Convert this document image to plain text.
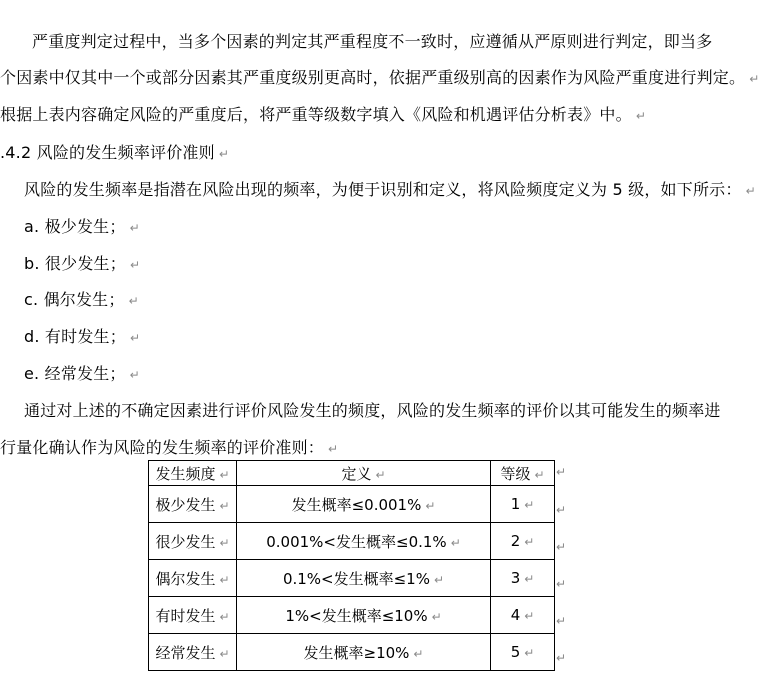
严重度判定过程中，当多个因素的判定其严重程度不一致时，应遵循从严原则进行判定，即当多
个因素中仅其中一个或部分因素其严重度级别更高时，依据严重级别高的因素作为风险严重度进行判定。 ↵
根据上表内容确定风险的严重度后，将严重等级数字填入《风险和机遇评估分析表》中。 ↵
.4.2 风险的发生频率评价准则 ↵
风险的发生频率是指潜在风险出现的频率，为便于识别和定义，将风险频度定义为 5 级，如下所示： ↵
a. 极少发生； ↵
b. 很少发生； ↵
c. 偶尔发生； ↵
d. 有时发生； ↵
e. 经常发生； ↵
通过对上述的不确定因素进行评价风险发生的频度，风险的发生频率的评价以其可能发生的频率进
行量化确认作为风险的发生频率的评价准则： ↵
发生频度 ↵	定义 ↵	等级 ↵
极少发生 ↵	发生概率≤0.001% ↵	1 ↵
很少发生 ↵	0.001%<发生概率≤0.1% ↵	2 ↵
偶尔发生 ↵	0.1%<发生概率≤1% ↵	3 ↵
有时发生 ↵	1%<发生概率≤10% ↵	4 ↵
经常发生 ↵	发生概率≥10% ↵	5 ↵
↵
↵
↵
↵
↵
↵
